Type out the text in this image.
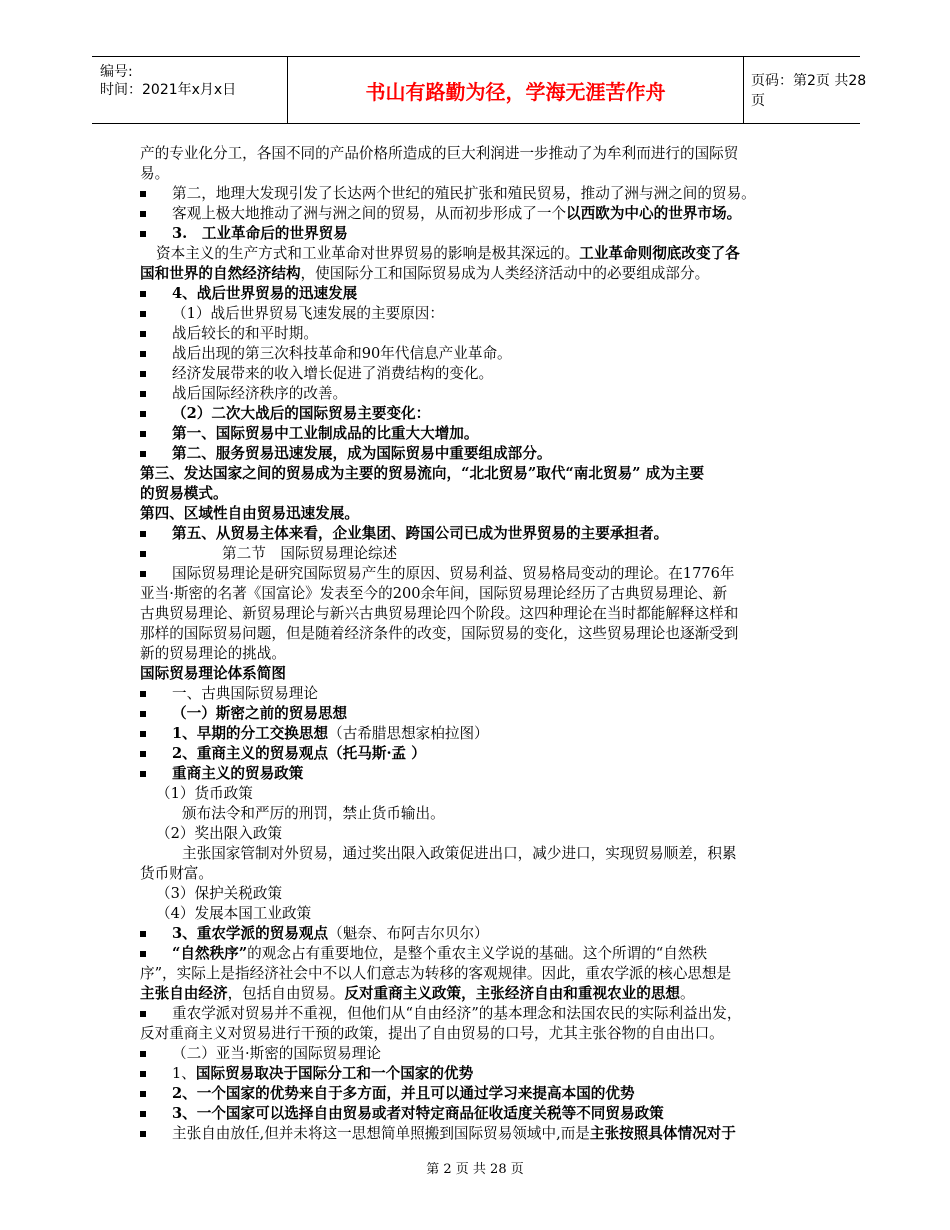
编号:
时间：2021年x月x日	书山有路勤为径，学海无涯苦作舟	页码：第2页 共28页
产的专业化分工，各国不同的产品价格所造成的巨大利润进一步推动了为牟利而进行的国际贸
易。
第二，地理大发现引发了长达两个世纪的殖民扩张和殖民贸易，推动了洲与洲之间的贸易。
客观上极大地推动了洲与洲之间的贸易，从而初步形成了一个以西欧为中心的世界市场。
3.　工业革命后的世界贸易
资本主义的生产方式和工业革命对世界贸易的影响是极其深远的。工业革命则彻底改变了各
国和世界的自然经济结构，使国际分工和国际贸易成为人类经济活动中的必要组成部分。
4、战后世界贸易的迅速发展
（1）战后世界贸易飞速发展的主要原因：
战后较长的和平时期。
战后出现的第三次科技革命和90年代信息产业革命。
经济发展带来的收入增长促进了消费结构的变化。
战后国际经济秩序的改善。
（2）二次大战后的国际贸易主要变化：
第一、国际贸易中工业制成品的比重大大增加。
第二、服务贸易迅速发展，成为国际贸易中重要组成部分。
第三、发达国家之间的贸易成为主要的贸易流向，“北北贸易”取代“南北贸易” 成为主要
的贸易模式。
第四、区域性自由贸易迅速发展。
第五、从贸易主体来看，企业集团、跨国公司已成为世界贸易的主要承担者。
第二节　国际贸易理论综述
国际贸易理论是研究国际贸易产生的原因、贸易利益、贸易格局变动的理论。在1776年
亚当·斯密的名著《国富论》发表至今的200余年间，国际贸易理论经历了古典贸易理论、新
古典贸易理论、新贸易理论与新兴古典贸易理论四个阶段。这四种理论在当时都能解释这样和
那样的国际贸易问题，但是随着经济条件的改变，国际贸易的变化，这些贸易理论也逐渐受到
新的贸易理论的挑战。
国际贸易理论体系简图
一、古典国际贸易理论
（一）斯密之前的贸易思想
1、早期的分工交换思想（古希腊思想家柏拉图）
2、重商主义的贸易观点（托马斯·孟 ）
重商主义的贸易政策
（1）货币政策
颁布法令和严厉的刑罚，禁止货币输出。
（2）奖出限入政策
主张国家管制对外贸易，通过奖出限入政策促进出口，减少进口，实现贸易顺差，积累
货币财富。
（3）保护关税政策
（4）发展本国工业政策
3、重农学派的贸易观点（魁奈、布阿吉尔贝尔）
“自然秩序”的观念占有重要地位，是整个重农主义学说的基础。这个所谓的“自然秩
序”，实际上是指经济社会中不以人们意志为转移的客观规律。因此，重农学派的核心思想是
主张自由经济，包括自由贸易。反对重商主义政策，主张经济自由和重视农业的思想。
重农学派对贸易并不重视，但他们从“自由经济”的基本理念和法国农民的实际利益出发，
反对重商主义对贸易进行干预的政策，提出了自由贸易的口号，尤其主张谷物的自由出口。
（二）亚当·斯密的国际贸易理论
1、国际贸易取决于国际分工和一个国家的优势
2、一个国家的优势来自于多方面，并且可以通过学习来提高本国的优势
3、一个国家可以选择自由贸易或者对特定商品征收适度关税等不同贸易政策
主张自由放任,但并未将这一思想简单照搬到国际贸易领域中,而是主张按照具体情况对于
第 2 页 共 28 页
